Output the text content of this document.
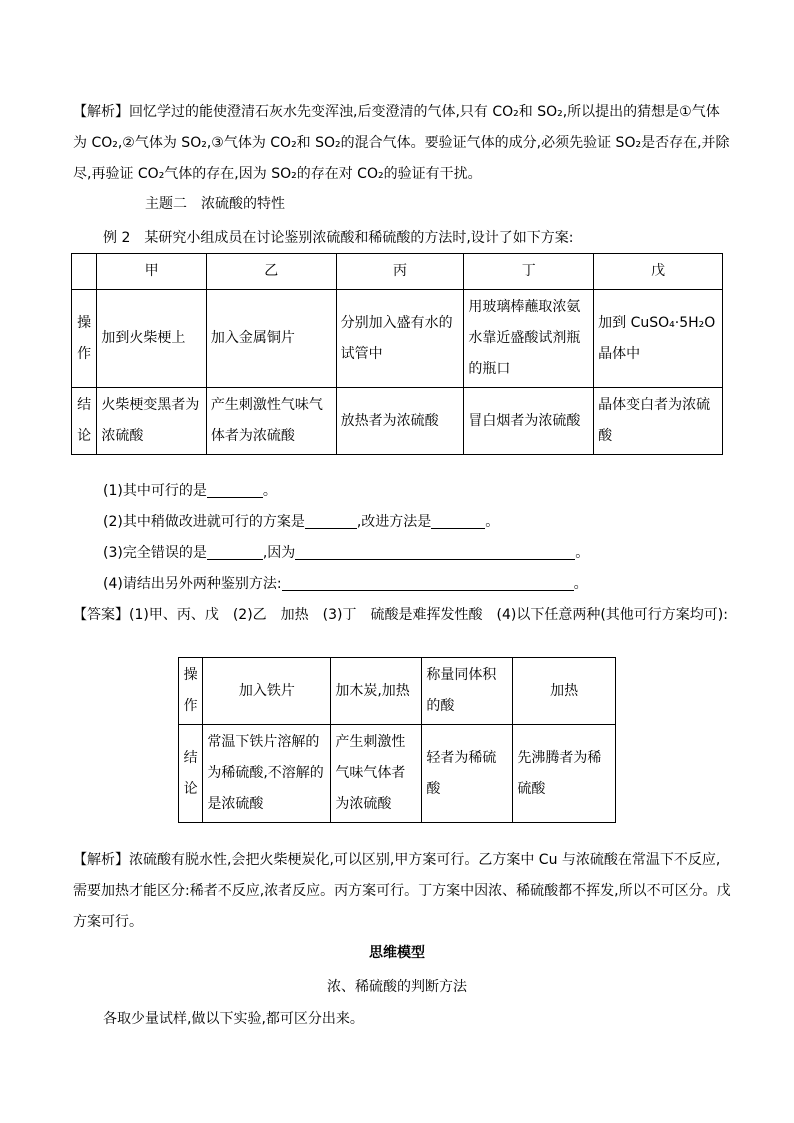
【解析】回忆学过的能使澄清石灰水先变浑浊,后变澄清的气体,只有 CO₂和 SO₂,所以提出的猜想是①气体为 CO₂,②气体为 SO₂,③气体为 CO₂和 SO₂的混合气体。要验证气体的成分,必须先验证 SO₂是否存在,并除尽,再验证 CO₂气体的存在,因为 SO₂的存在对 CO₂的验证有干扰。
主题二　浓硫酸的特性
例 2　某研究小组成员在讨论鉴别浓硫酸和稀硫酸的方法时,设计了如下方案:
	甲	乙	丙	丁	戊
操作	加到火柴梗上	加入金属铜片	分别加入盛有水的试管中	用玻璃棒蘸取浓氨水靠近盛酸试剂瓶的瓶口	加到 CuSO₄·5H₂O 晶体中
结论	火柴梗变黑者为浓硫酸	产生刺激性气味气体者为浓硫酸	放热者为浓硫酸	冒白烟者为浓硫酸	晶体变白者为浓硫酸
(1)其中可行的是	。
(2)其中稍做改进就可行的方案是	,改进方法是	。
(3)完全错误的是	,因为	。
(4)请结出另外两种鉴别方法:	。
【答案】(1)甲、丙、戊　(2)乙　加热　(3)丁　硫酸是难挥发性酸　(4)以下任意两种(其他可行方案均可):
操作	加入铁片	加木炭,加热	称量同体积的酸	加热
结论	常温下铁片溶解的为稀硫酸,不溶解的是浓硫酸	产生刺激性气味气体者为浓硫酸	轻者为稀硫酸	先沸腾者为稀硫酸
【解析】浓硫酸有脱水性,会把火柴梗炭化,可以区别,甲方案可行。乙方案中 Cu 与浓硫酸在常温下不反应,需要加热才能区分:稀者不反应,浓者反应。丙方案可行。丁方案中因浓、稀硫酸都不挥发,所以不可区分。戊方案可行。
思维模型
浓、稀硫酸的判断方法
各取少量试样,做以下实验,都可区分出来。
